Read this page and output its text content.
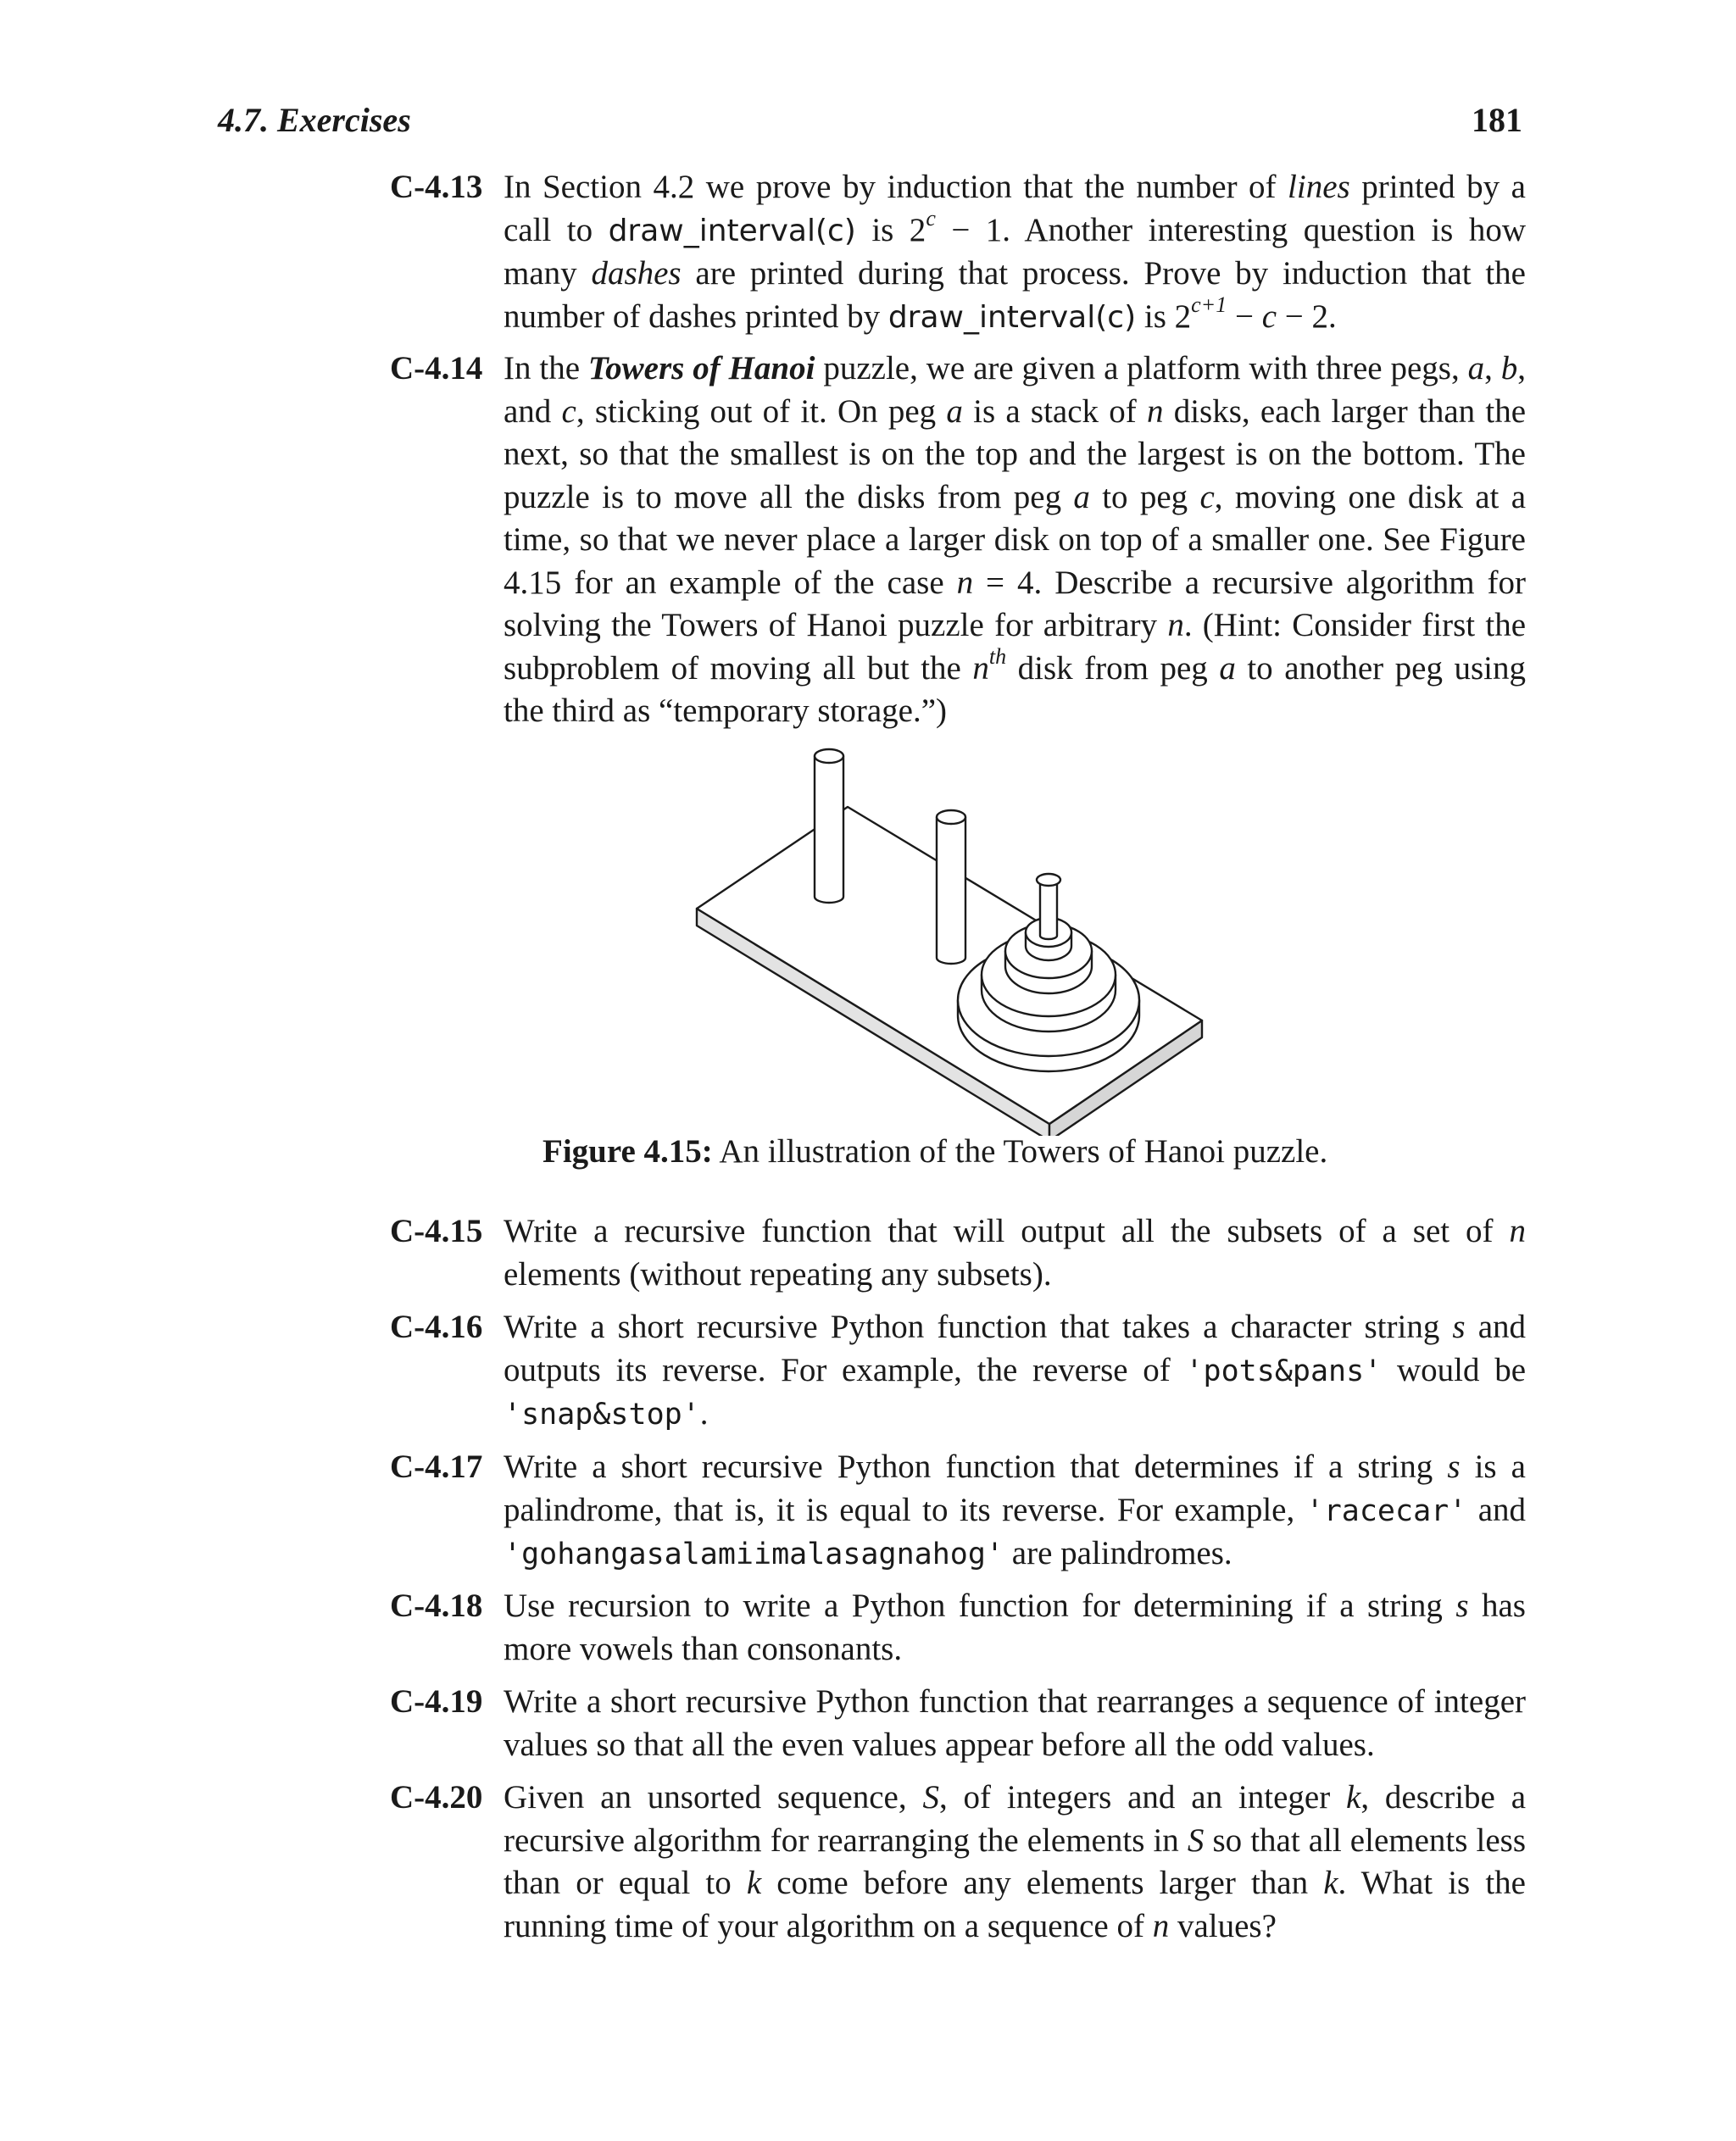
4.7. Exercises	181
C-4.13 In Section 4.2 we prove by induction that the number of lines printed by a call to draw_interval(c) is $2^c - 1$. Another interesting question is how many dashes are printed during that process. Prove by induction that the number of dashes printed by draw_interval(c) is $2^{c+1} - c - 2$.
C-4.14 In the Towers of Hanoi puzzle, we are given a platform with three pegs, a, b, and c, sticking out of it. On peg a is a stack of n disks, each larger than the next, so that the smallest is on the top and the largest is on the bottom. The puzzle is to move all the disks from peg a to peg c, moving one disk at a time, so that we never place a larger disk on top of a smaller one. See Figure 4.15 for an example of the case n = 4. Describe a recursive algorithm for solving the Towers of Hanoi puzzle for arbitrary n. (Hint: Consider first the subproblem of moving all but the $n^{th}$ disk from peg a to another peg using the third as “temporary storage.”)
Figure 4.15: An illustration of the Towers of Hanoi puzzle.
C-4.15 Write a recursive function that will output all the subsets of a set of n elements (without repeating any subsets).
C-4.16 Write a short recursive Python function that takes a character string s and outputs its reverse. For example, the reverse of 'pots&pans' would be 'snap&stop'.
C-4.17 Write a short recursive Python function that determines if a string s is a palindrome, that is, it is equal to its reverse. For example, 'racecar' and 'gohangasalamiimalasagnahog' are palindromes.
C-4.18 Use recursion to write a Python function for determining if a string s has more vowels than consonants.
C-4.19 Write a short recursive Python function that rearranges a sequence of integer values so that all the even values appear before all the odd values.
C-4.20 Given an unsorted sequence, S, of integers and an integer k, describe a recursive algorithm for rearranging the elements in S so that all elements less than or equal to k come before any elements larger than k. What is the running time of your algorithm on a sequence of n values?
